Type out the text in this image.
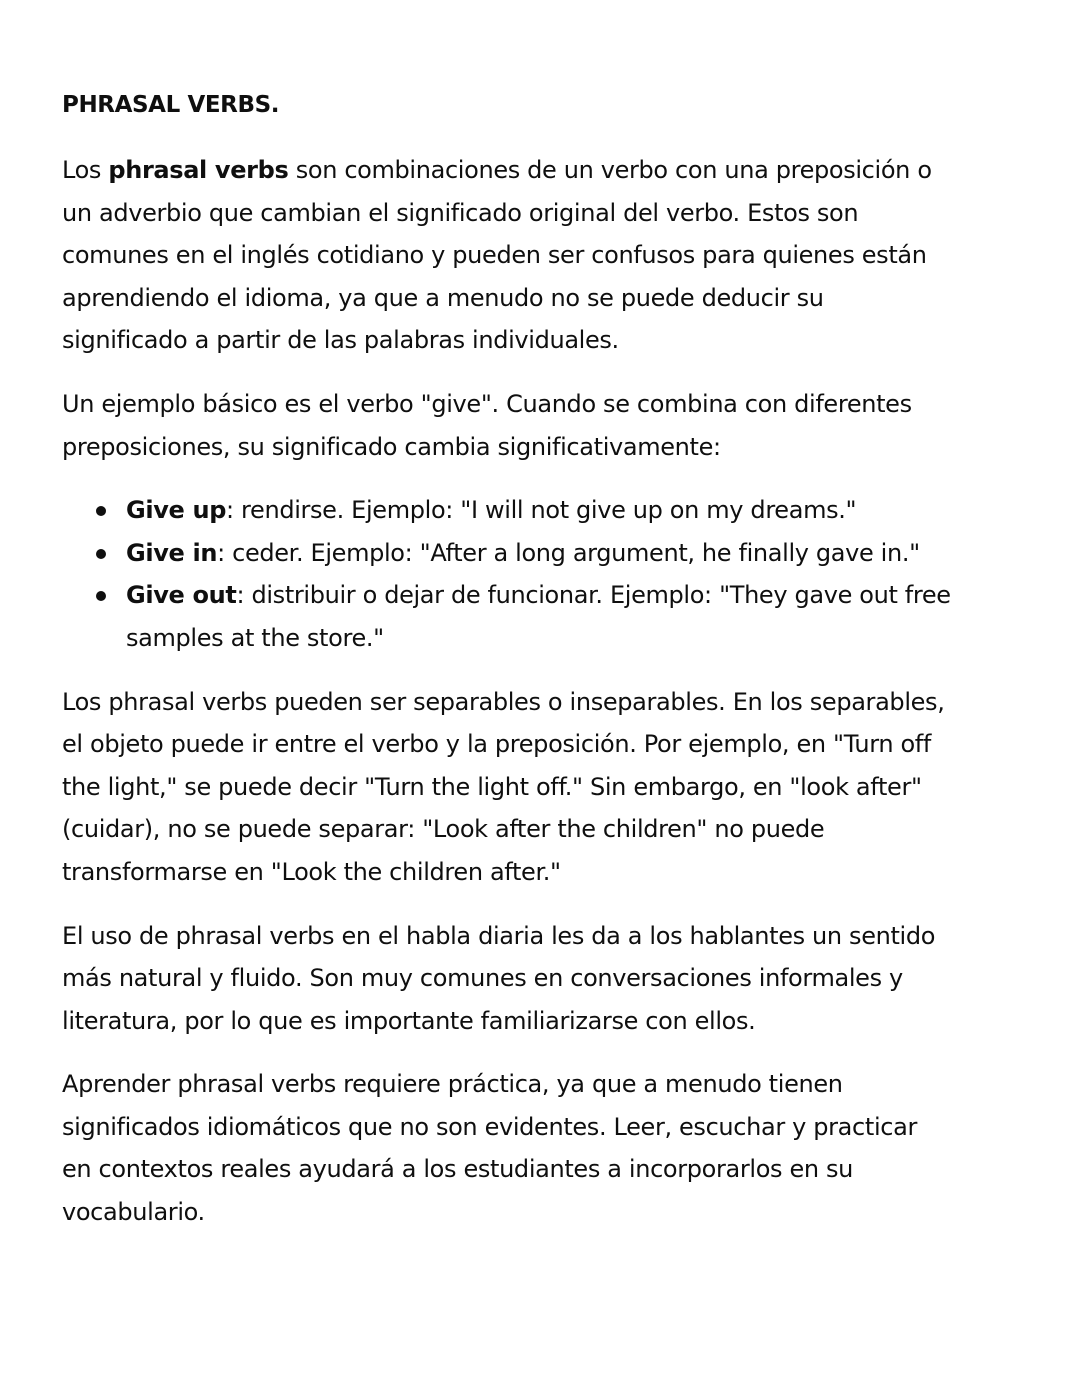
PHRASAL VERBS.

Los phrasal verbs son combinaciones de un verbo con una preposición o un adverbio que cambian el significado original del verbo. Estos son comunes en el inglés cotidiano y pueden ser confusos para quienes están aprendiendo el idioma, ya que a menudo no se puede deducir su significado a partir de las palabras individuales.

Un ejemplo básico es el verbo "give". Cuando se combina con diferentes preposiciones, su significado cambia significativamente:

Give up: rendirse. Ejemplo: "I will not give up on my dreams."
Give in: ceder. Ejemplo: "After a long argument, he finally gave in."
Give out: distribuir o dejar de funcionar. Ejemplo: "They gave out free samples at the store."

Los phrasal verbs pueden ser separables o inseparables. En los separables, el objeto puede ir entre el verbo y la preposición. Por ejemplo, en "Turn off the light," se puede decir "Turn the light off." Sin embargo, en "look after" (cuidar), no se puede separar: "Look after the children" no puede transformarse en "Look the children after."

El uso de phrasal verbs en el habla diaria les da a los hablantes un sentido más natural y fluido. Son muy comunes en conversaciones informales y literatura, por lo que es importante familiarizarse con ellos.

Aprender phrasal verbs requiere práctica, ya que a menudo tienen significados idiomáticos que no son evidentes. Leer, escuchar y practicar en contextos reales ayudará a los estudiantes a incorporarlos en su vocabulario.
